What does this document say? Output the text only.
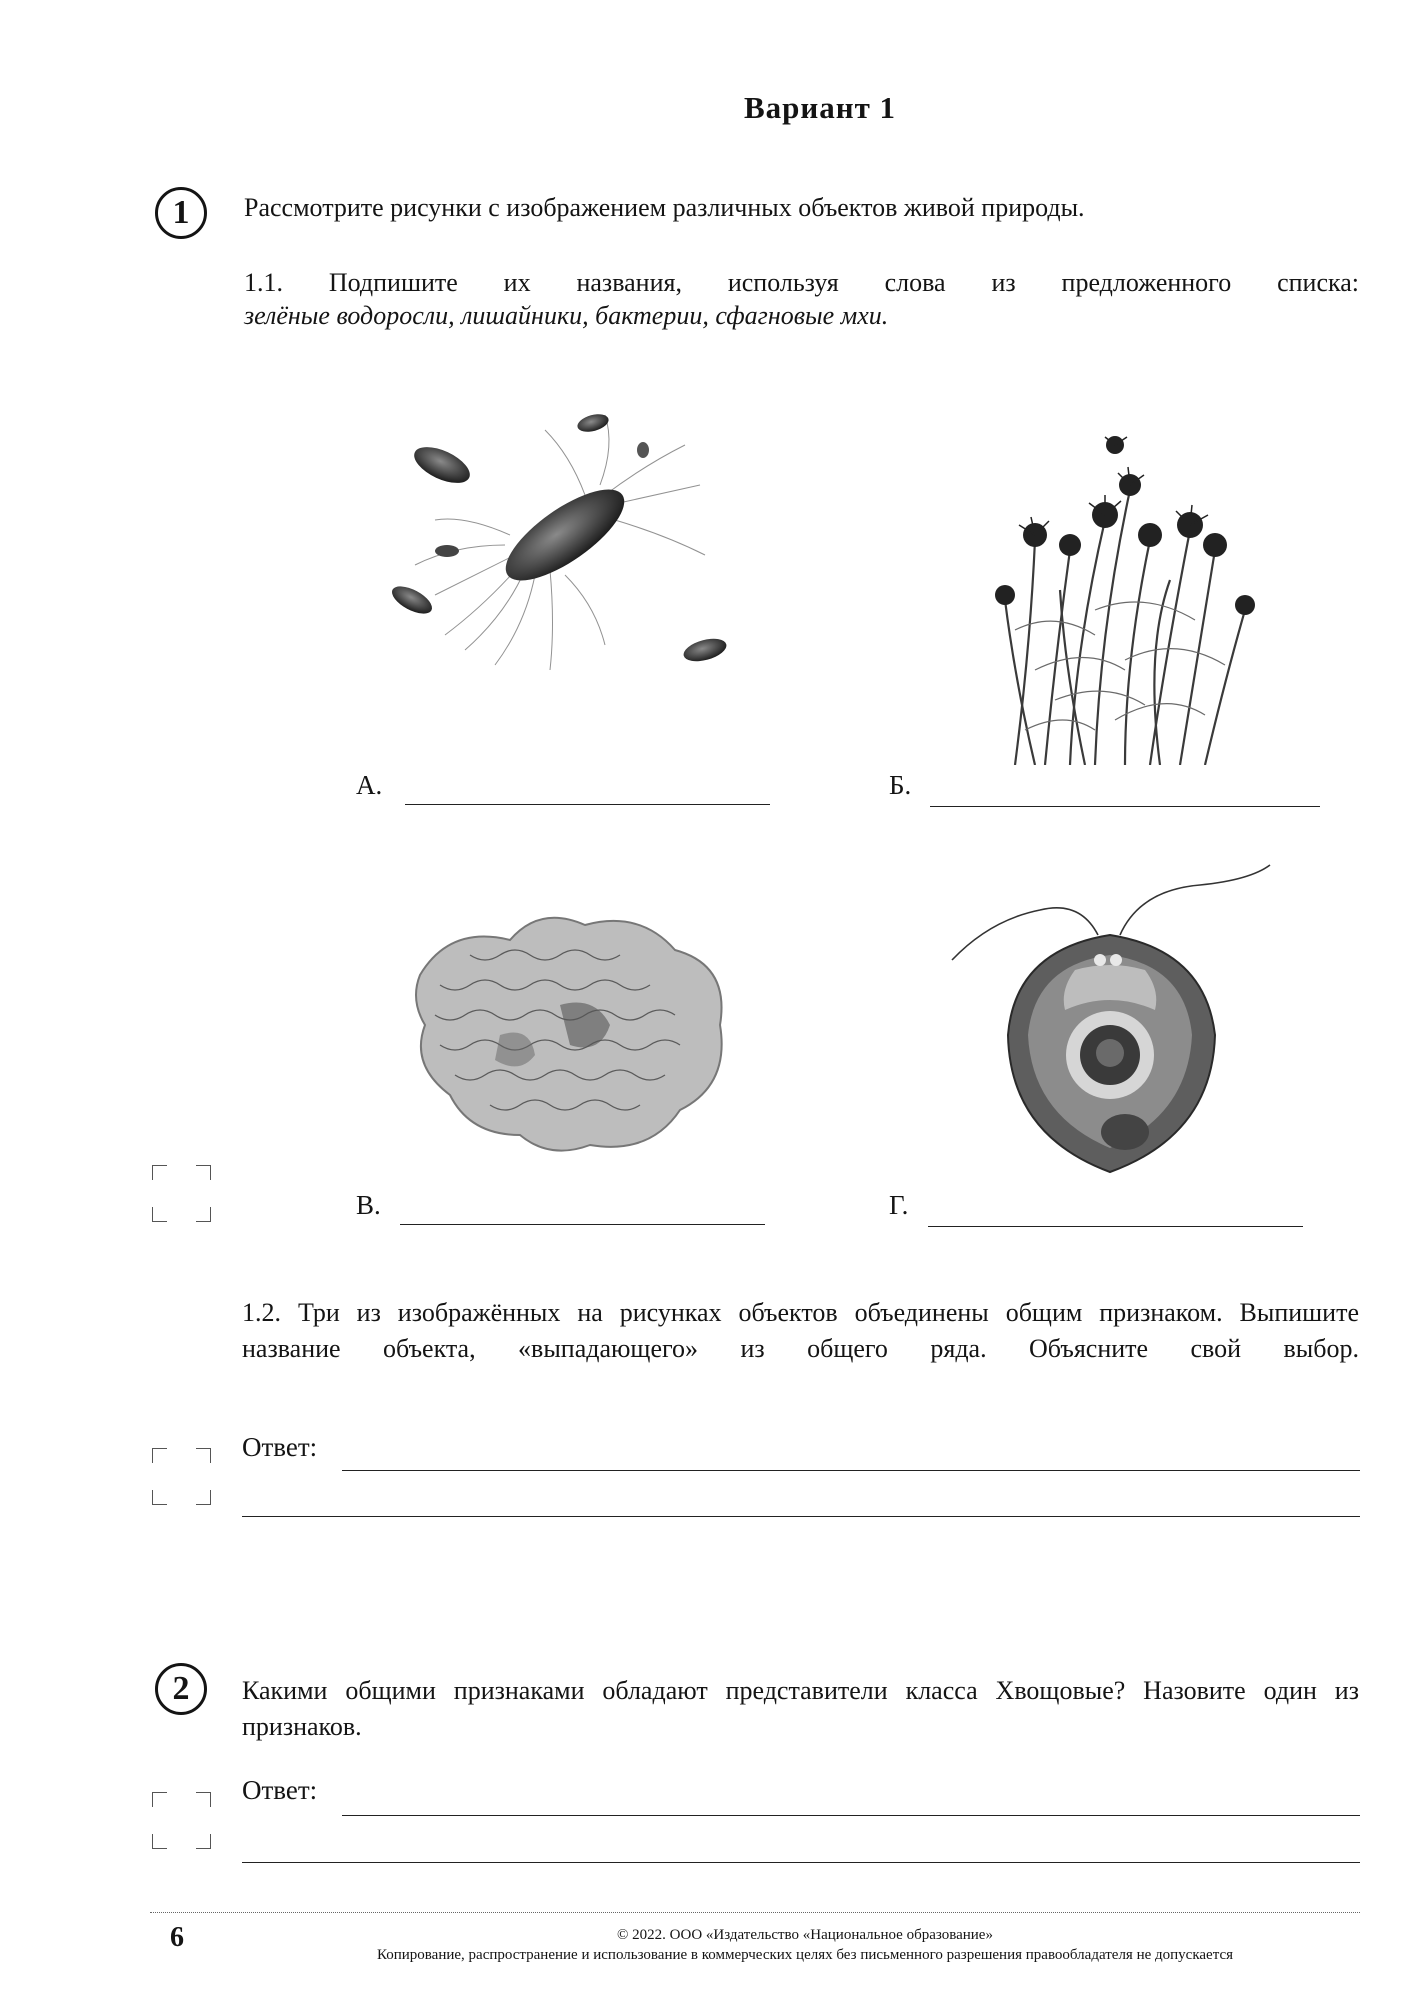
Вариант 1
1	Рассмотрите рисунки с изображением различных объектов живой природы.
1.1. Подпишите их названия, используя слова из предложенного списка:
зелёные водоросли, лишайники, бактерии, сфагновые мхи.
А.	Б.
В.	Г.
1.2. Три из изображённых на рисунках объектов объединены общим признаком. Выпишите название объекта, «выпадающего» из общего ряда. Объясните свой выбор.
Ответ:
2	Какими общими признаками обладают представители класса Хвощовые? Назовите один из признаков.
Ответ:
6	© 2022. ООО «Издательство «Национальное образование»
Копирование, распространение и использование в коммерческих целях без письменного разрешения правообладателя не допускается
